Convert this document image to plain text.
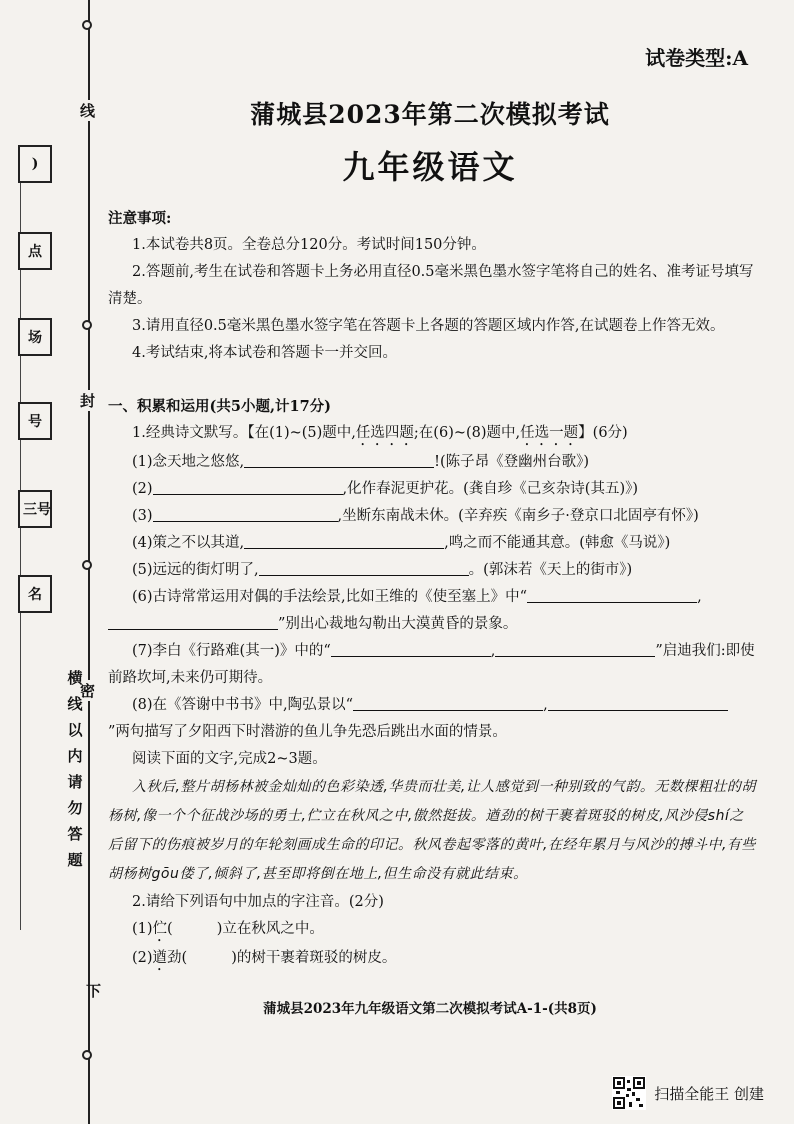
线
封
密
)
点
场
号
三 号
名
横线以内请勿答题
下
试卷类型:A
蒲城县2023年第二次模拟考试
九年级语文

注意事项:

1.本试卷共8页。全卷总分120分。考试时间150分钟。

2.答题前,考生在试卷和答题卡上务必用直径0.5毫米黑色墨水签字笔将自己的姓名、准考证号填写清楚。

3.请用直径0.5毫米黑色墨水签字笔在答题卡上各题的答题区域内作答,在试题卷上作答无效。

4.考试结束,将本试卷和答题卡一并交回。

一、积累和运用(共5小题,计17分)

1.经典诗文默写。【在(1)~(5)题中,任选四题;在(6)~(8)题中,任选一题】(6分)

(1)念天地之悠悠,	!(陈子昂《登幽州台歌》)

(2)	,化作春泥更护花。(龚自珍《己亥杂诗(其五)》)

(3)	,坐断东南战未休。(辛弃疾《南乡子·登京口北固亭有怀》)

(4)策之不以其道,	,鸣之而不能通其意。(韩愈《马说》)

(5)远远的街灯明了,	。(郭沫若《天上的街市》)

(6)古诗常常运用对偶的手法绘景,比如王维的《使至塞上》中“	,
”别出心裁地勾勒出大漠黄昏的景象。

(7)李白《行路难(其一)》中的“	,	”启迪我们:即使前路坎坷,未来仍可期待。

(8)在《答谢中书书》中,陶弘景以“	,
”两句描写了夕阳西下时潜游的鱼儿争先恐后跳出水面的情景。

阅读下面的文字,完成2~3题。

入秋后,整片胡杨林被金灿灿的色彩染透,华贵而壮美,让人感觉到一种别致的气韵。无数棵粗壮的胡杨树,像一个个征战沙场的勇士,伫立在秋风之中,傲然挺拔。遒劲的树干裹着斑驳的树皮,风沙侵shí之后留下的伤痕被岁月的年轮刻画成生命的印记。秋风卷起零落的黄叶,在经年累月与风沙的搏斗中,有些胡杨树gōu偻了,倾斜了,甚至即将倒在地上,但生命没有就此结束。

2.请给下列语句中加点的字注音。(2分)

(1)伫(	)立在秋风之中。

(2)遒劲(	)的树干裹着斑驳的树皮。

蒲城县2023年九年级语文第二次模拟考试A-1-(共8页)
扫描全能王 创建
